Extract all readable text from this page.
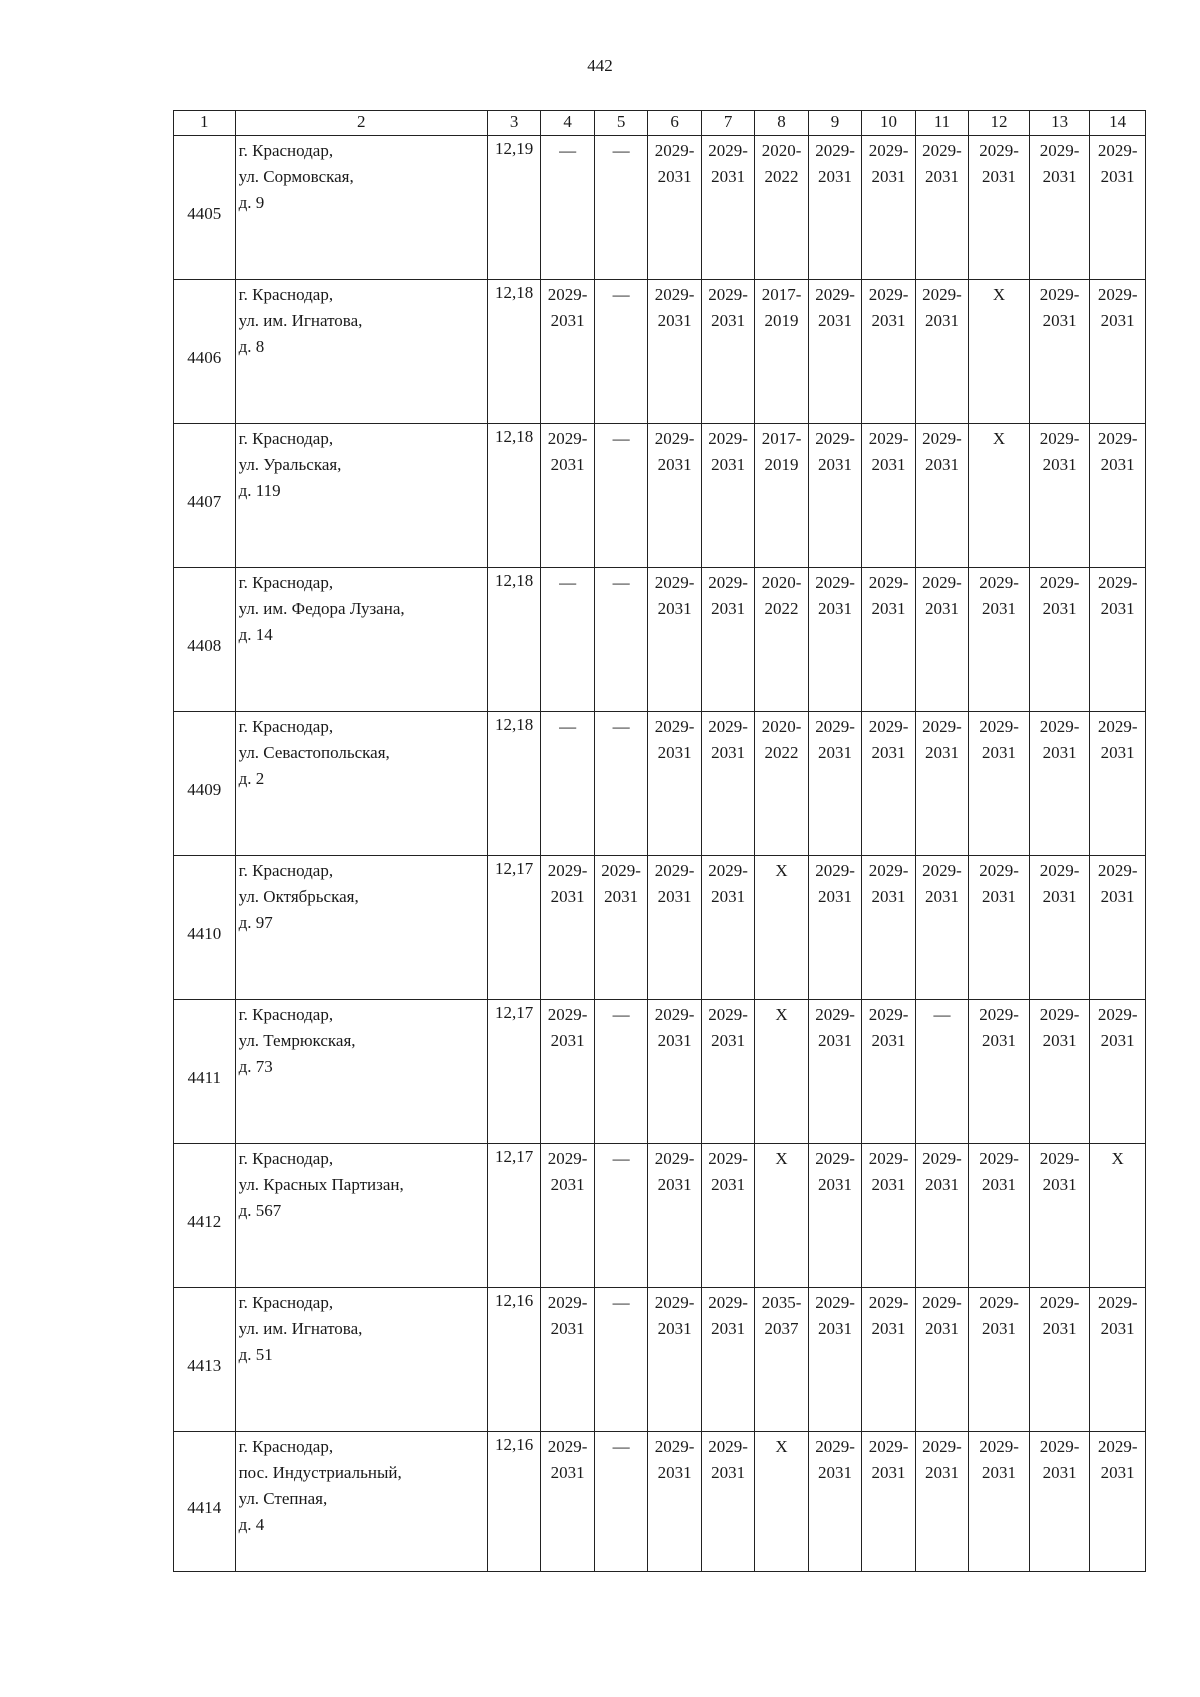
442
1	2	3	4	5	6	7	8	9	10	11	12	13	14
4405	г. Краснодар,
ул. Сормовская,
д. 9	12,19	—	—	2029-
2031	2029-
2031	2020-
2022	2029-
2031	2029-
2031	2029-
2031	2029-
2031	2029-
2031	2029-
2031

4406	г. Краснодар,
ул. им. Игнатова,
д. 8	12,18	2029-
2031	—	2029-
2031	2029-
2031	2017-
2019	2029-
2031	2029-
2031	2029-
2031	Х	2029-
2031	2029-
2031

4407	г. Краснодар,
ул. Уральская,
д. 119	12,18	2029-
2031	—	2029-
2031	2029-
2031	2017-
2019	2029-
2031	2029-
2031	2029-
2031	Х	2029-
2031	2029-
2031

4408	г. Краснодар,
ул. им. Федора Лузана,
д. 14	12,18	—	—	2029-
2031	2029-
2031	2020-
2022	2029-
2031	2029-
2031	2029-
2031	2029-
2031	2029-
2031	2029-
2031

4409	г. Краснодар,
ул. Севастопольская,
д. 2	12,18	—	—	2029-
2031	2029-
2031	2020-
2022	2029-
2031	2029-
2031	2029-
2031	2029-
2031	2029-
2031	2029-
2031

4410	г. Краснодар,
ул. Октябрьская,
д. 97	12,17	2029-
2031	2029-
2031	2029-
2031	2029-
2031	Х	2029-
2031	2029-
2031	2029-
2031	2029-
2031	2029-
2031	2029-
2031

4411	г. Краснодар,
ул. Темрюкская,
д. 73	12,17	2029-
2031	—	2029-
2031	2029-
2031	Х	2029-
2031	2029-
2031	—	2029-
2031	2029-
2031	2029-
2031

4412	г. Краснодар,
ул. Красных Партизан,
д. 567	12,17	2029-
2031	—	2029-
2031	2029-
2031	Х	2029-
2031	2029-
2031	2029-
2031	2029-
2031	2029-
2031	Х

4413	г. Краснодар,
ул. им. Игнатова,
д. 51	12,16	2029-
2031	—	2029-
2031	2029-
2031	2035-
2037	2029-
2031	2029-
2031	2029-
2031	2029-
2031	2029-
2031	2029-
2031

4414	г. Краснодар,
пос. Индустриальный,
ул. Степная,
д. 4	12,16	2029-
2031	—	2029-
2031	2029-
2031	Х	2029-
2031	2029-
2031	2029-
2031	2029-
2031	2029-
2031	2029-
2031
